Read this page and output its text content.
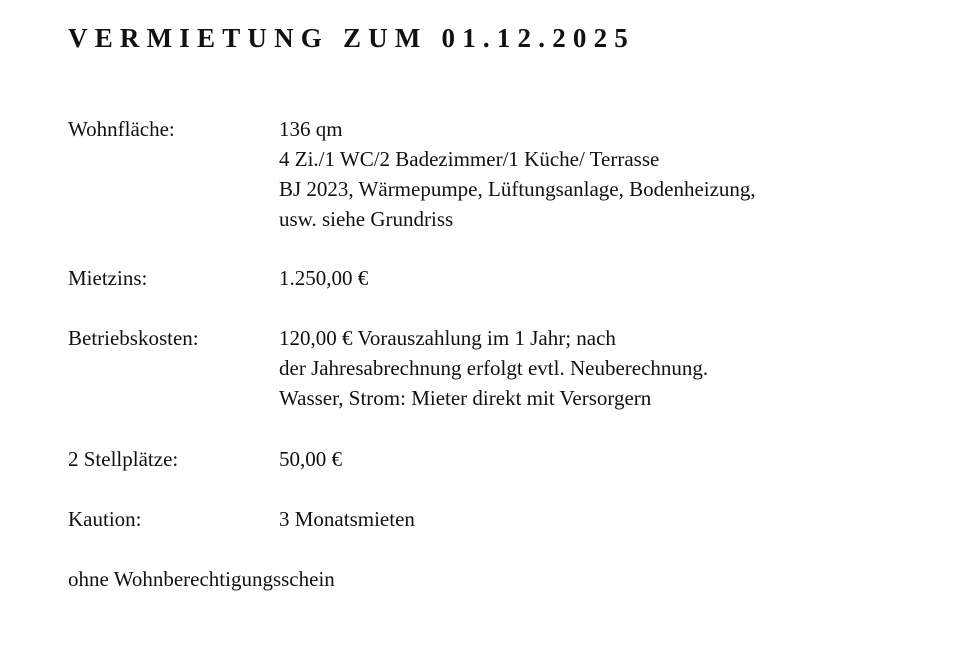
VERMIETUNG ZUM 01.12.2025
Wohnfläche:	136 qm
4 Zi./1 WC/2 Badezimmer/1 Küche/ Terrasse
BJ 2023, Wärmepumpe, Lüftungsanlage, Bodenheizung,
usw. siehe Grundriss
Mietzins:	1.250,00 €
Betriebskosten:	120,00 € Vorauszahlung im 1 Jahr; nach
der Jahresabrechnung erfolgt evtl. Neuberechnung.
Wasser, Strom: Mieter direkt mit Versorgern
2 Stellplätze:	50,00 €
Kaution:	3 Monatsmieten
ohne Wohnberechtigungsschein
